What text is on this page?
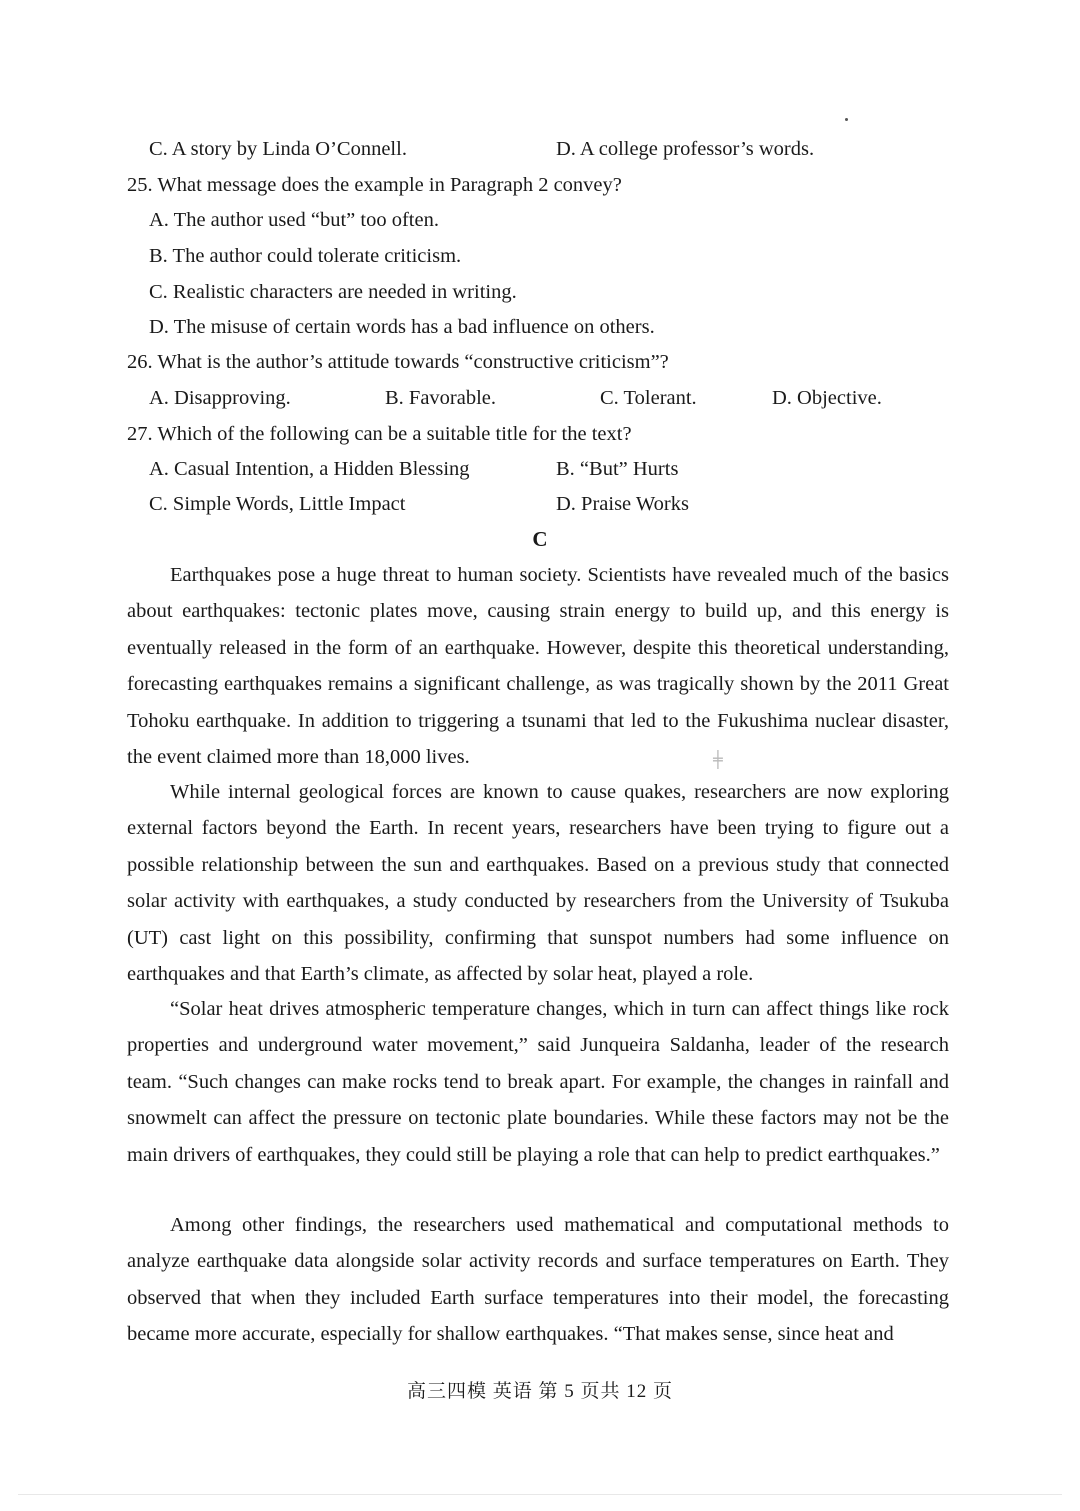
C. A story by Linda O’Connell.	D. A college professor’s words.
25. What message does the example in Paragraph 2 convey?
A. The author used “but” too often.
B. The author could tolerate criticism.
C. Realistic characters are needed in writing.
D. The misuse of certain words has a bad influence on others.
26. What is the author’s attitude towards “constructive criticism”?
A. Disapproving.	B. Favorable.	C. Tolerant.	D. Objective.
27. Which of the following can be a suitable title for the text?
A. Casual Intention, a Hidden Blessing	B. “But” Hurts
C. Simple Words, Little Impact	D. Praise Works
C

Earthquakes pose a huge threat to human society. Scientists have revealed much of the basics about earthquakes: tectonic plates move, causing strain energy to build up, and this energy is eventually released in the form of an earthquake. However, despite this theoretical understanding, forecasting earthquakes remains a significant challenge, as was tragically shown by the 2011 Great Tohoku earthquake. In addition to triggering a tsunami that led to the Fukushima nuclear disaster, the event claimed more than 18,000 lives.	╪

While internal geological forces are known to cause quakes, researchers are now exploring external factors beyond the Earth. In recent years, researchers have been trying to figure out a possible relationship between the sun and earthquakes. Based on a previous study that connected solar activity with earthquakes, a study conducted by researchers from the University of Tsukuba (UT) cast light on this possibility, confirming that sunspot numbers had some influence on earthquakes and that Earth’s climate, as affected by solar heat, played a role.

“Solar heat drives atmospheric temperature changes, which in turn can affect things like rock properties and underground water movement,” said Junqueira Saldanha, leader of the research team. “Such changes can make rocks tend to break apart. For example, the changes in rainfall and snowmelt can affect the pressure on tectonic plate boundaries. While these factors may not be the main drivers of earthquakes, they could still be playing a role that can help to predict earthquakes.”

Among other findings, the researchers used mathematical and computational methods to analyze earthquake data alongside solar activity records and surface temperatures on Earth. They observed that when they included Earth surface temperatures into their model, the forecasting became more accurate, especially for shallow earthquakes. “That makes sense, since heat and

高三四模 英语 第 5 页共 12 页
